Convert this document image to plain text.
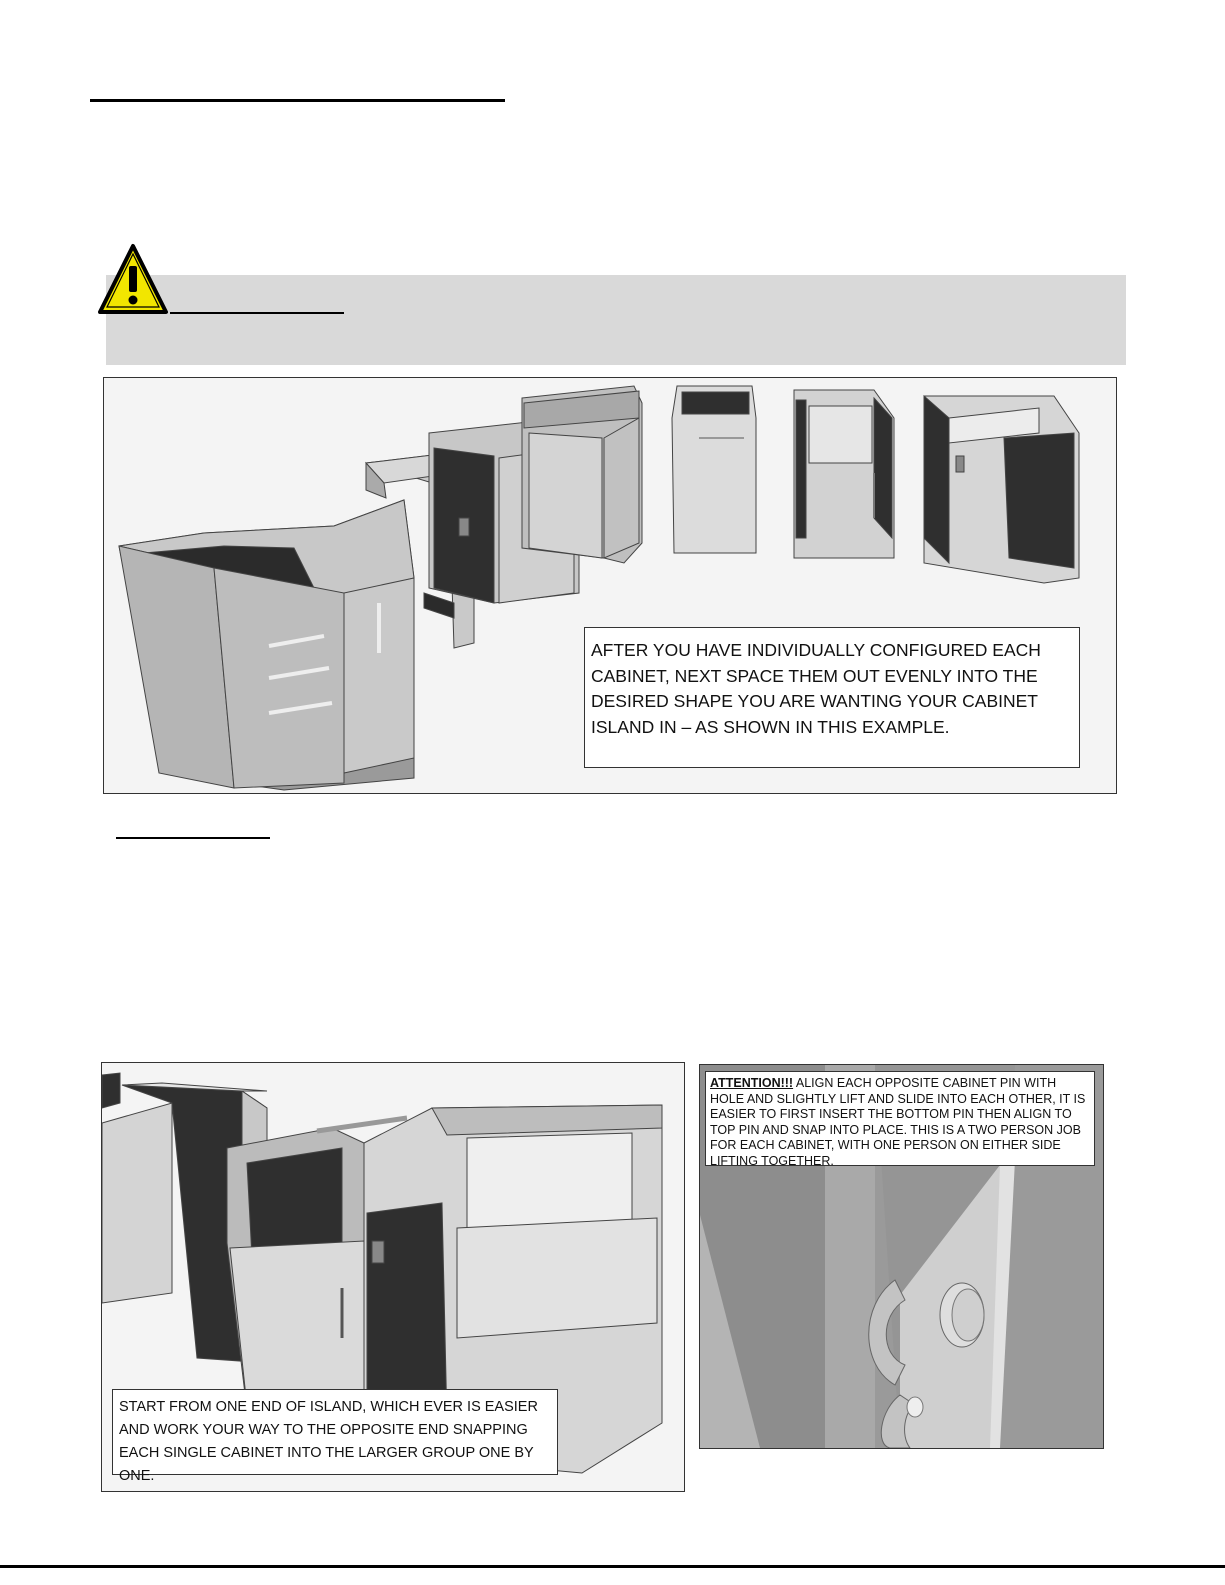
AFTER YOU HAVE INDIVIDUALLY CONFIGURED EACH CABINET, NEXT SPACE THEM OUT EVENLY INTO THE DESIRED SHAPE YOU ARE WANTING YOUR CABINET ISLAND IN – AS SHOWN IN THIS EXAMPLE.
START FROM ONE END OF ISLAND, WHICH EVER IS EASIER AND WORK YOUR WAY TO THE OPPOSITE END SNAPPING EACH SINGLE CABINET INTO THE LARGER GROUP ONE BY ONE.
ATTENTION!!! ALIGN EACH OPPOSITE CABINET PIN WITH HOLE AND SLIGHTLY LIFT AND SLIDE INTO EACH OTHER, IT IS EASIER TO FIRST INSERT THE BOTTOM PIN THEN ALIGN TO TOP PIN AND SNAP INTO PLACE. THIS IS A TWO PERSON JOB FOR EACH CABINET, WITH ONE PERSON ON EITHER SIDE LIFTING TOGETHER.
